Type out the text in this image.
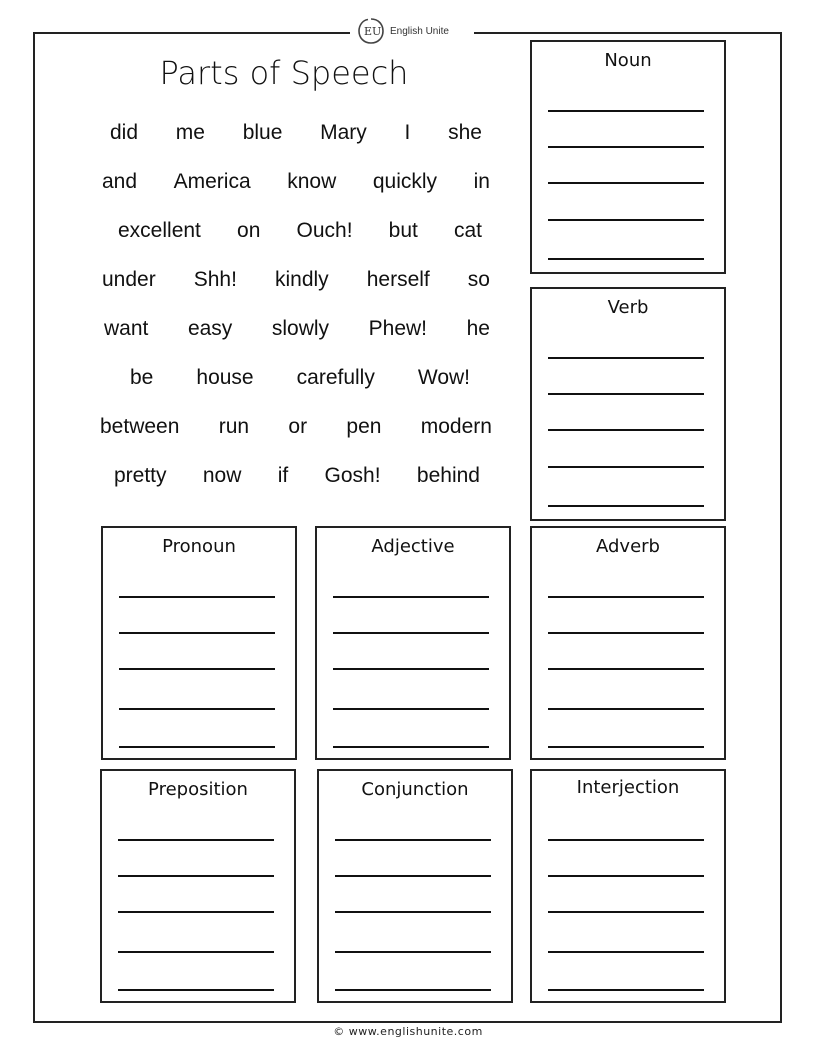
EU English Unite
Parts of Speech
did me blue Mary I she
and America know quickly in
excellent on Ouch! but cat
under Shh! kindly herself so
want easy slowly Phew! he
be house carefully Wow!
between run or pen modern
pretty now if Gosh! behind
Noun
Verb
Pronoun	Adjective	Adverb
Preposition	Conjunction	Interjection
© www.englishunite.com
